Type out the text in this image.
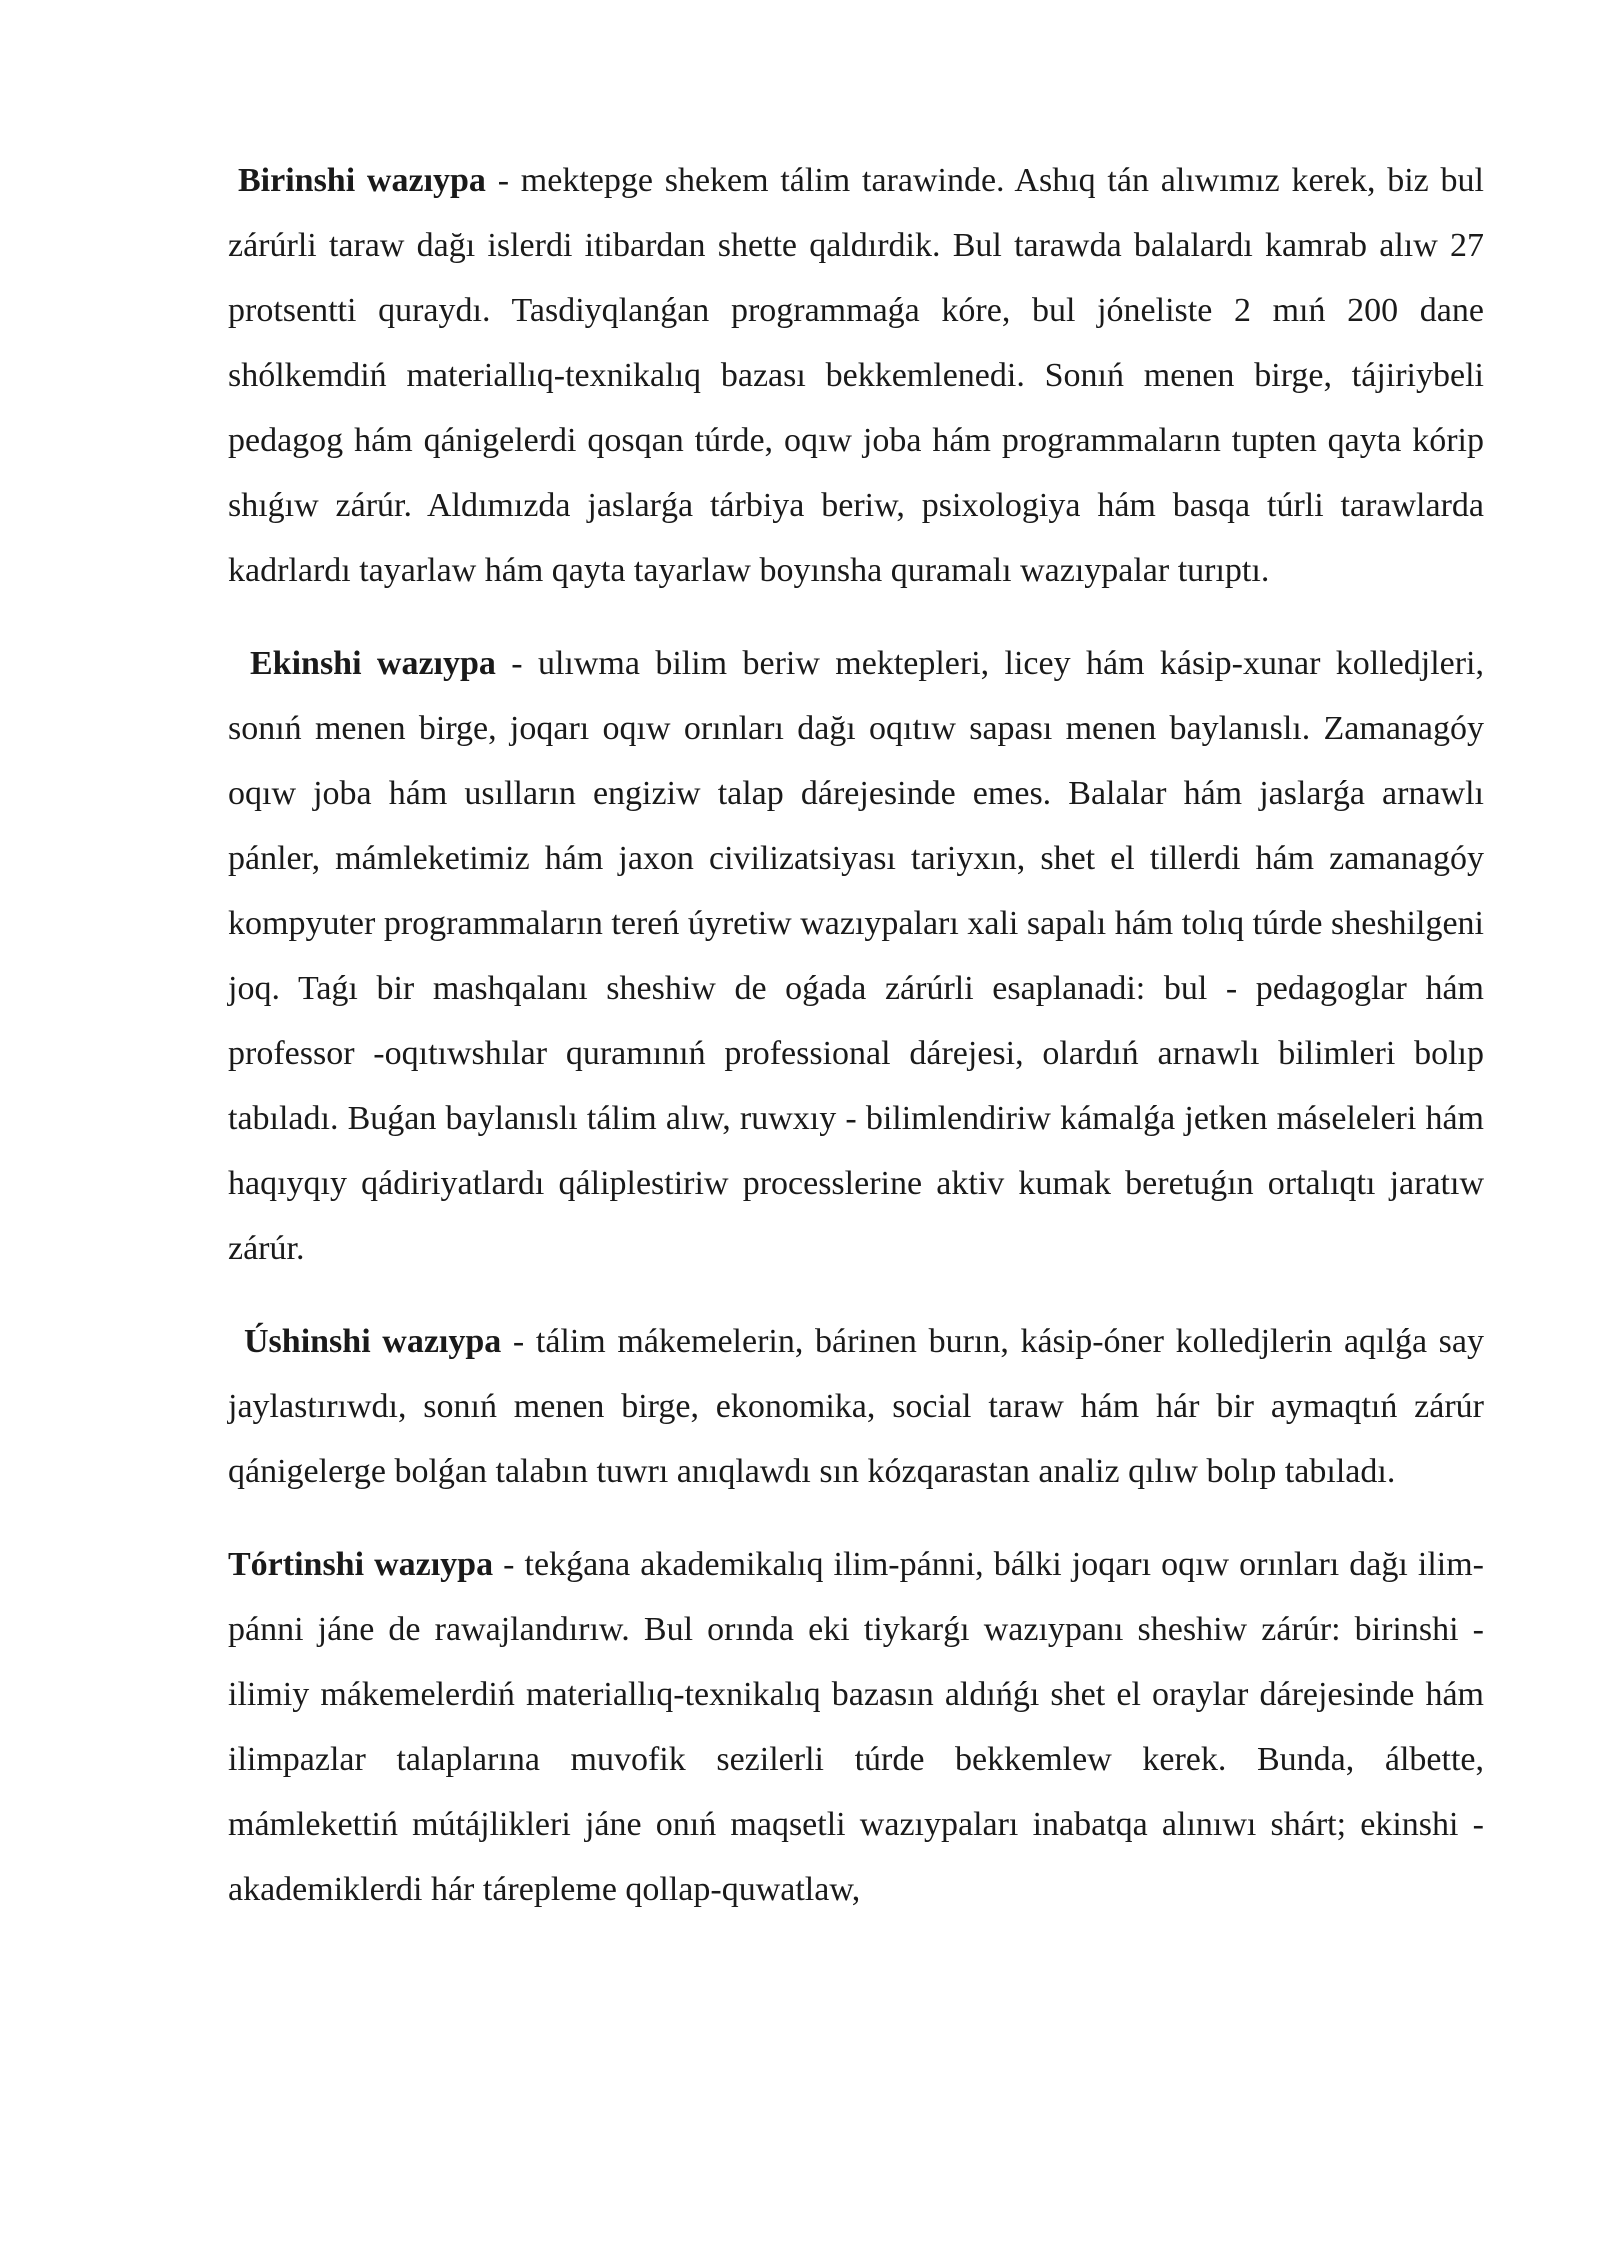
Birinshi wazıypa - mektepge shekem tálim tarawinde. Ashıq tán alıwımız kerek, biz bul zárúrli taraw dağı islerdi itibardan shette qaldırdik. Bul tarawda balalardı kamrab alıw 27 protsentti quraydı. Tasdiyqlanǵan programmaǵa kóre, bul jóneliste 2 mıń 200 dane shólkemdiń materiallıq-texnikalıq bazası bekkemlenedi. Sonıń menen birge, tájiriybeli pedagog hám qánigelerdi qosqan túrde, oqıw joba hám programmaların tupten qayta kórip shıǵıw zárúr. Aldımızda jaslarǵa tárbiya beriw, psixologiya hám basqa túrli tarawlarda kadrlardı tayarlaw hám qayta tayarlaw boyınsha quramalı wazıypalar turıptı.

Ekinshi wazıypa - ulıwma bilim beriw mektepleri, licey hám kásip-xunar kolledjleri, sonıń menen birge, joqarı oqıw orınları dağı oqıtıw sapası menen baylanıslı. Zamanagóy oqıw joba hám usılların engiziw talap dárejesinde emes. Balalar hám jaslarǵa arnawlı pánler, mámleketimiz hám jaxon civilizatsiyası tariyxın, shet el tillerdi hám zamanagóy kompyuter programmaların tereń úyretiw wazıypaları xali sapalı hám tolıq túrde sheshilgeni joq. Taǵı bir mashqalanı sheshiw de oǵada zárúrli esaplanadi: bul - pedagoglar hám professor -oqıtıwshılar quramınıń professional dárejesi, olardıń arnawlı bilimleri bolıp tabıladı. Buǵan baylanıslı tálim alıw, ruwxıy - bilimlendiriw kámalǵa jetken máseleleri hám haqıyqıy qádiriyatlardı qáliplestiriw processlerine aktiv kumak beretuǵın ortalıqtı jaratıw zárúr.

Úshinshi wazıypa - tálim mákemelerin, bárinen burın, kásip-óner kolledjlerin aqılǵa say jaylastırıwdı, sonıń menen birge, ekonomika, social taraw hám hár bir aymaqtıń zárúr qánigelerge bolǵan talabın tuwrı anıqlawdı sın kózqarastan analiz qılıw bolıp tabıladı.

Tórtinshi wazıypa - tekǵana akademikalıq ilim-pánni, bálki joqarı oqıw orınları dağı ilim-pánni jáne de rawajlandırıw. Bul orında eki tiykarǵı wazıypanı sheshiw zárúr: birinshi - ilimiy mákemelerdiń materiallıq-texnikalıq bazasın aldıńǵı shet el oraylar dárejesinde hám ilimpazlar talaplarına muvofik sezilerli túrde bekkemlew kerek. Bunda, álbette, mámlekettiń mútájlikleri jáne onıń maqsetli wazıypaları inabatqa alınıwı shárt; ekinshi - akademiklerdi hár tárepleme qollap-quwatlaw,
